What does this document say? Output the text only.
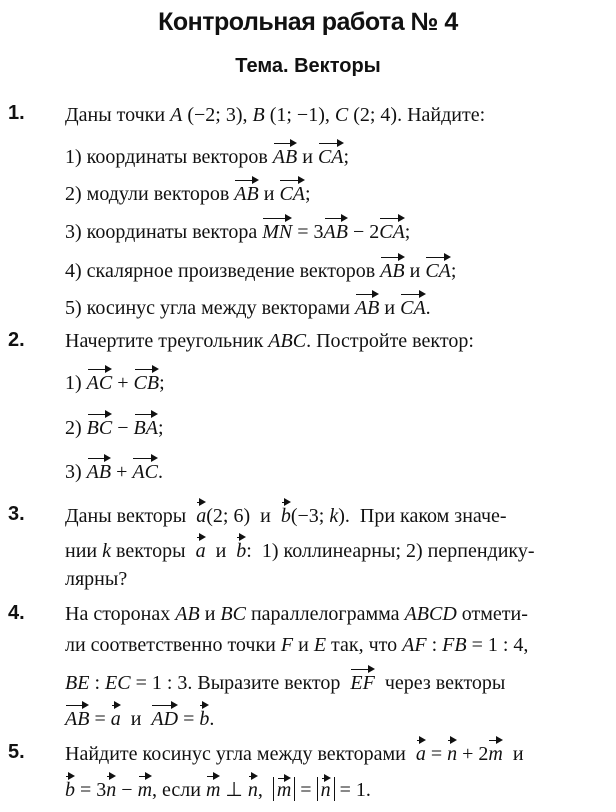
Контрольная работа № 4
Тема. Векторы
1. Даны точки A (−2; 3), B (1; −1), C (2; 4). Найдите:
1) координаты векторов AB и CA;
2) модули векторов AB и CA;
3) координаты вектора MN = 3AB − 2CA;
4) скалярное произведение векторов AB и CA;
5) косинус угла между векторами AB и CA.
2. Начертите треугольник ABC. Постройте вектор:
1) AC + CB;
2) BC − BA;
3) AB + AC.
3. Даны векторы  a(2; 6)  и  b(−3; k).  При каком значе-
нии k векторы  a  и  b:  1) коллинеарны; 2) перпендику-
лярны?
4. На сторонах AB и BC параллелограмма ABCD отмети-
ли соответственно точки F и E так, что AF : FB = 1 : 4,
BE : EC = 1 : 3. Выразите вектор  EF  через векторы
AB = a  и  AD = b.
5. Найдите косинус угла между векторами  a = n + 2m  и
b = 3n − m, если m ⊥ n,  m = n = 1.
